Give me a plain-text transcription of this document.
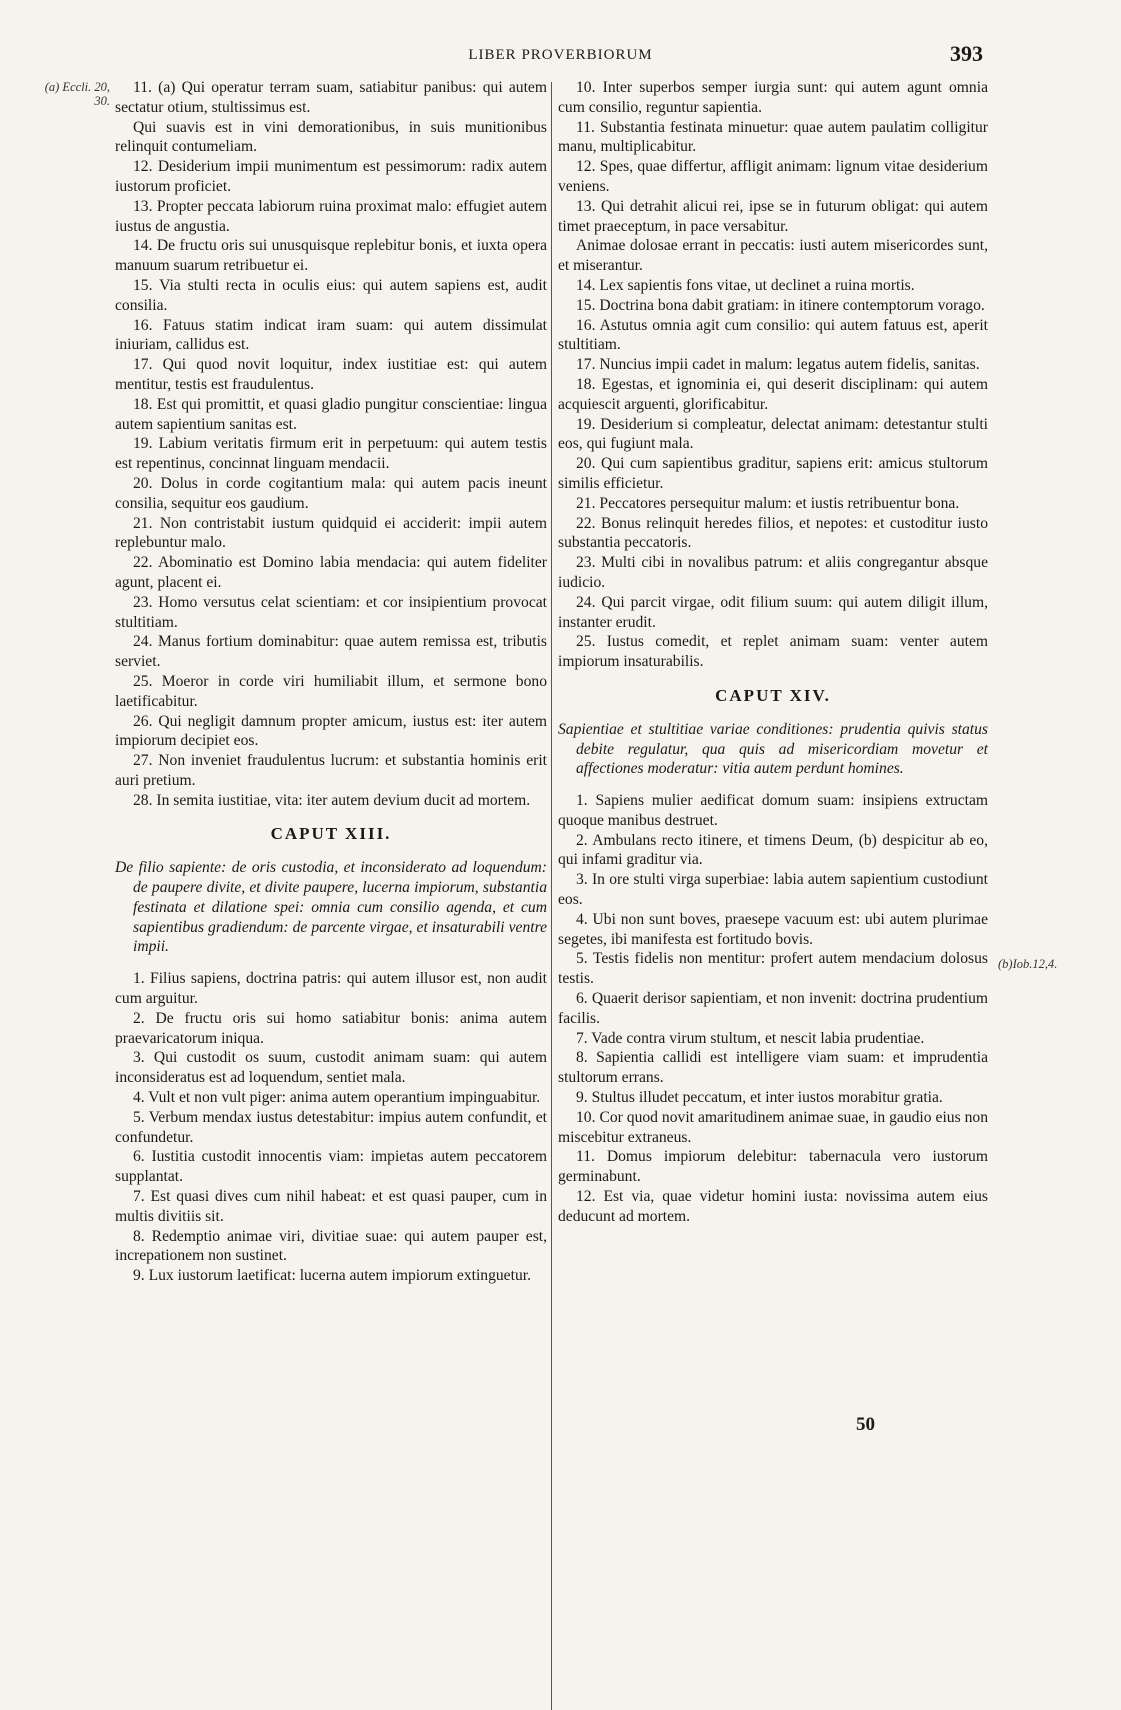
LIBER PROVERBIORUM	393
(a) Eccli. 20, 30.
(b)Iob.12,4.

11. (a) Qui operatur terram suam, satiabitur panibus: qui autem sectatur otium, stultissimus est.

Qui suavis est in vini demorationibus, in suis munitionibus relinquit contumeliam.

12. Desiderium impii munimentum est pessimorum: radix autem iustorum proficiet.

13. Propter peccata labiorum ruina proximat malo: effugiet autem iustus de angustia.

14. De fructu oris sui unusquisque replebitur bonis, et iuxta opera manuum suarum retribuetur ei.

15. Via stulti recta in oculis eius: qui autem sapiens est, audit consilia.

16. Fatuus statim indicat iram suam: qui autem dissimulat iniuriam, callidus est.

17. Qui quod novit loquitur, index iustitiae est: qui autem mentitur, testis est fraudulentus.

18. Est qui promittit, et quasi gladio pungitur conscientiae: lingua autem sapientium sanitas est.

19. Labium veritatis firmum erit in perpetuum: qui autem testis est repentinus, concinnat linguam mendacii.

20. Dolus in corde cogitantium mala: qui autem pacis ineunt consilia, sequitur eos gaudium.

21. Non contristabit iustum quidquid ei acciderit: impii autem replebuntur malo.

22. Abominatio est Domino labia mendacia: qui autem fideliter agunt, placent ei.

23. Homo versutus celat scientiam: et cor insipientium provocat stultitiam.

24. Manus fortium dominabitur: quae autem remissa est, tributis serviet.

25. Moeror in corde viri humiliabit illum, et sermone bono laetificabitur.

26. Qui negligit damnum propter amicum, iustus est: iter autem impiorum decipiet eos.

27. Non inveniet fraudulentus lucrum: et substantia hominis erit auri pretium.

28. In semita iustitiae, vita: iter autem devium ducit ad mortem.

CAPUT XIII.

De filio sapiente: de oris custodia, et inconsiderato ad loquendum: de paupere divite, et divite paupere, lucerna impiorum, substantia festinata et dilatione spei: omnia cum consilio agenda, et cum sapientibus gradiendum: de parcente virgae, et insaturabili ventre impii.

1. Filius sapiens, doctrina patris: qui autem illusor est, non audit cum arguitur.

2. De fructu oris sui homo satiabitur bonis: anima autem praevaricatorum iniqua.

3. Qui custodit os suum, custodit animam suam: qui autem inconsideratus est ad loquendum, sentiet mala.

4. Vult et non vult piger: anima autem operantium impinguabitur.

5. Verbum mendax iustus detestabitur: impius autem confundit, et confundetur.

6. Iustitia custodit innocentis viam: impietas autem peccatorem supplantat.

7. Est quasi dives cum nihil habeat: et est quasi pauper, cum in multis divitiis sit.

8. Redemptio animae viri, divitiae suae: qui autem pauper est, increpationem non sustinet.

9. Lux iustorum laetificat: lucerna autem impiorum extinguetur.

10. Inter superbos semper iurgia sunt: qui autem agunt omnia cum consilio, reguntur sapientia.

11. Substantia festinata minuetur: quae autem paulatim colligitur manu, multiplicabitur.

12. Spes, quae differtur, affligit animam: lignum vitae desiderium veniens.

13. Qui detrahit alicui rei, ipse se in futurum obligat: qui autem timet praeceptum, in pace versabitur.

Animae dolosae errant in peccatis: iusti autem misericordes sunt, et miserantur.

14. Lex sapientis fons vitae, ut declinet a ruina mortis.

15. Doctrina bona dabit gratiam: in itinere contemptorum vorago.

16. Astutus omnia agit cum consilio: qui autem fatuus est, aperit stultitiam.

17. Nuncius impii cadet in malum: legatus autem fidelis, sanitas.

18. Egestas, et ignominia ei, qui deserit disciplinam: qui autem acquiescit arguenti, glorificabitur.

19. Desiderium si compleatur, delectat animam: detestantur stulti eos, qui fugiunt mala.

20. Qui cum sapientibus graditur, sapiens erit: amicus stultorum similis efficietur.

21. Peccatores persequitur malum: et iustis retribuentur bona.

22. Bonus relinquit heredes filios, et nepotes: et custoditur iusto substantia peccatoris.

23. Multi cibi in novalibus patrum: et aliis congregantur absque iudicio.

24. Qui parcit virgae, odit filium suum: qui autem diligit illum, instanter erudit.

25. Iustus comedit, et replet animam suam: venter autem impiorum insaturabilis.

CAPUT XIV.

Sapientiae et stultitiae variae conditiones: prudentia quivis status debite regulatur, qua quis ad misericordiam movetur et affectiones moderatur: vitia autem perdunt homines.

1. Sapiens mulier aedificat domum suam: insipiens extructam quoque manibus destruet.

2. Ambulans recto itinere, et timens Deum, (b) despicitur ab eo, qui infami graditur via.

3. In ore stulti virga superbiae: labia autem sapientium custodiunt eos.

4. Ubi non sunt boves, praesepe vacuum est: ubi autem plurimae segetes, ibi manifesta est fortitudo bovis.

5. Testis fidelis non mentitur: profert autem mendacium dolosus testis.

6. Quaerit derisor sapientiam, et non invenit: doctrina prudentium facilis.

7. Vade contra virum stultum, et nescit labia prudentiae.

8. Sapientia callidi est intelligere viam suam: et imprudentia stultorum errans.

9. Stultus illudet peccatum, et inter iustos morabitur gratia.

10. Cor quod novit amaritudinem animae suae, in gaudio eius non miscebitur extraneus.

11. Domus impiorum delebitur: tabernacula vero iustorum germinabunt.

12. Est via, quae videtur homini iusta: novissima autem eius deducunt ad mortem.

50
